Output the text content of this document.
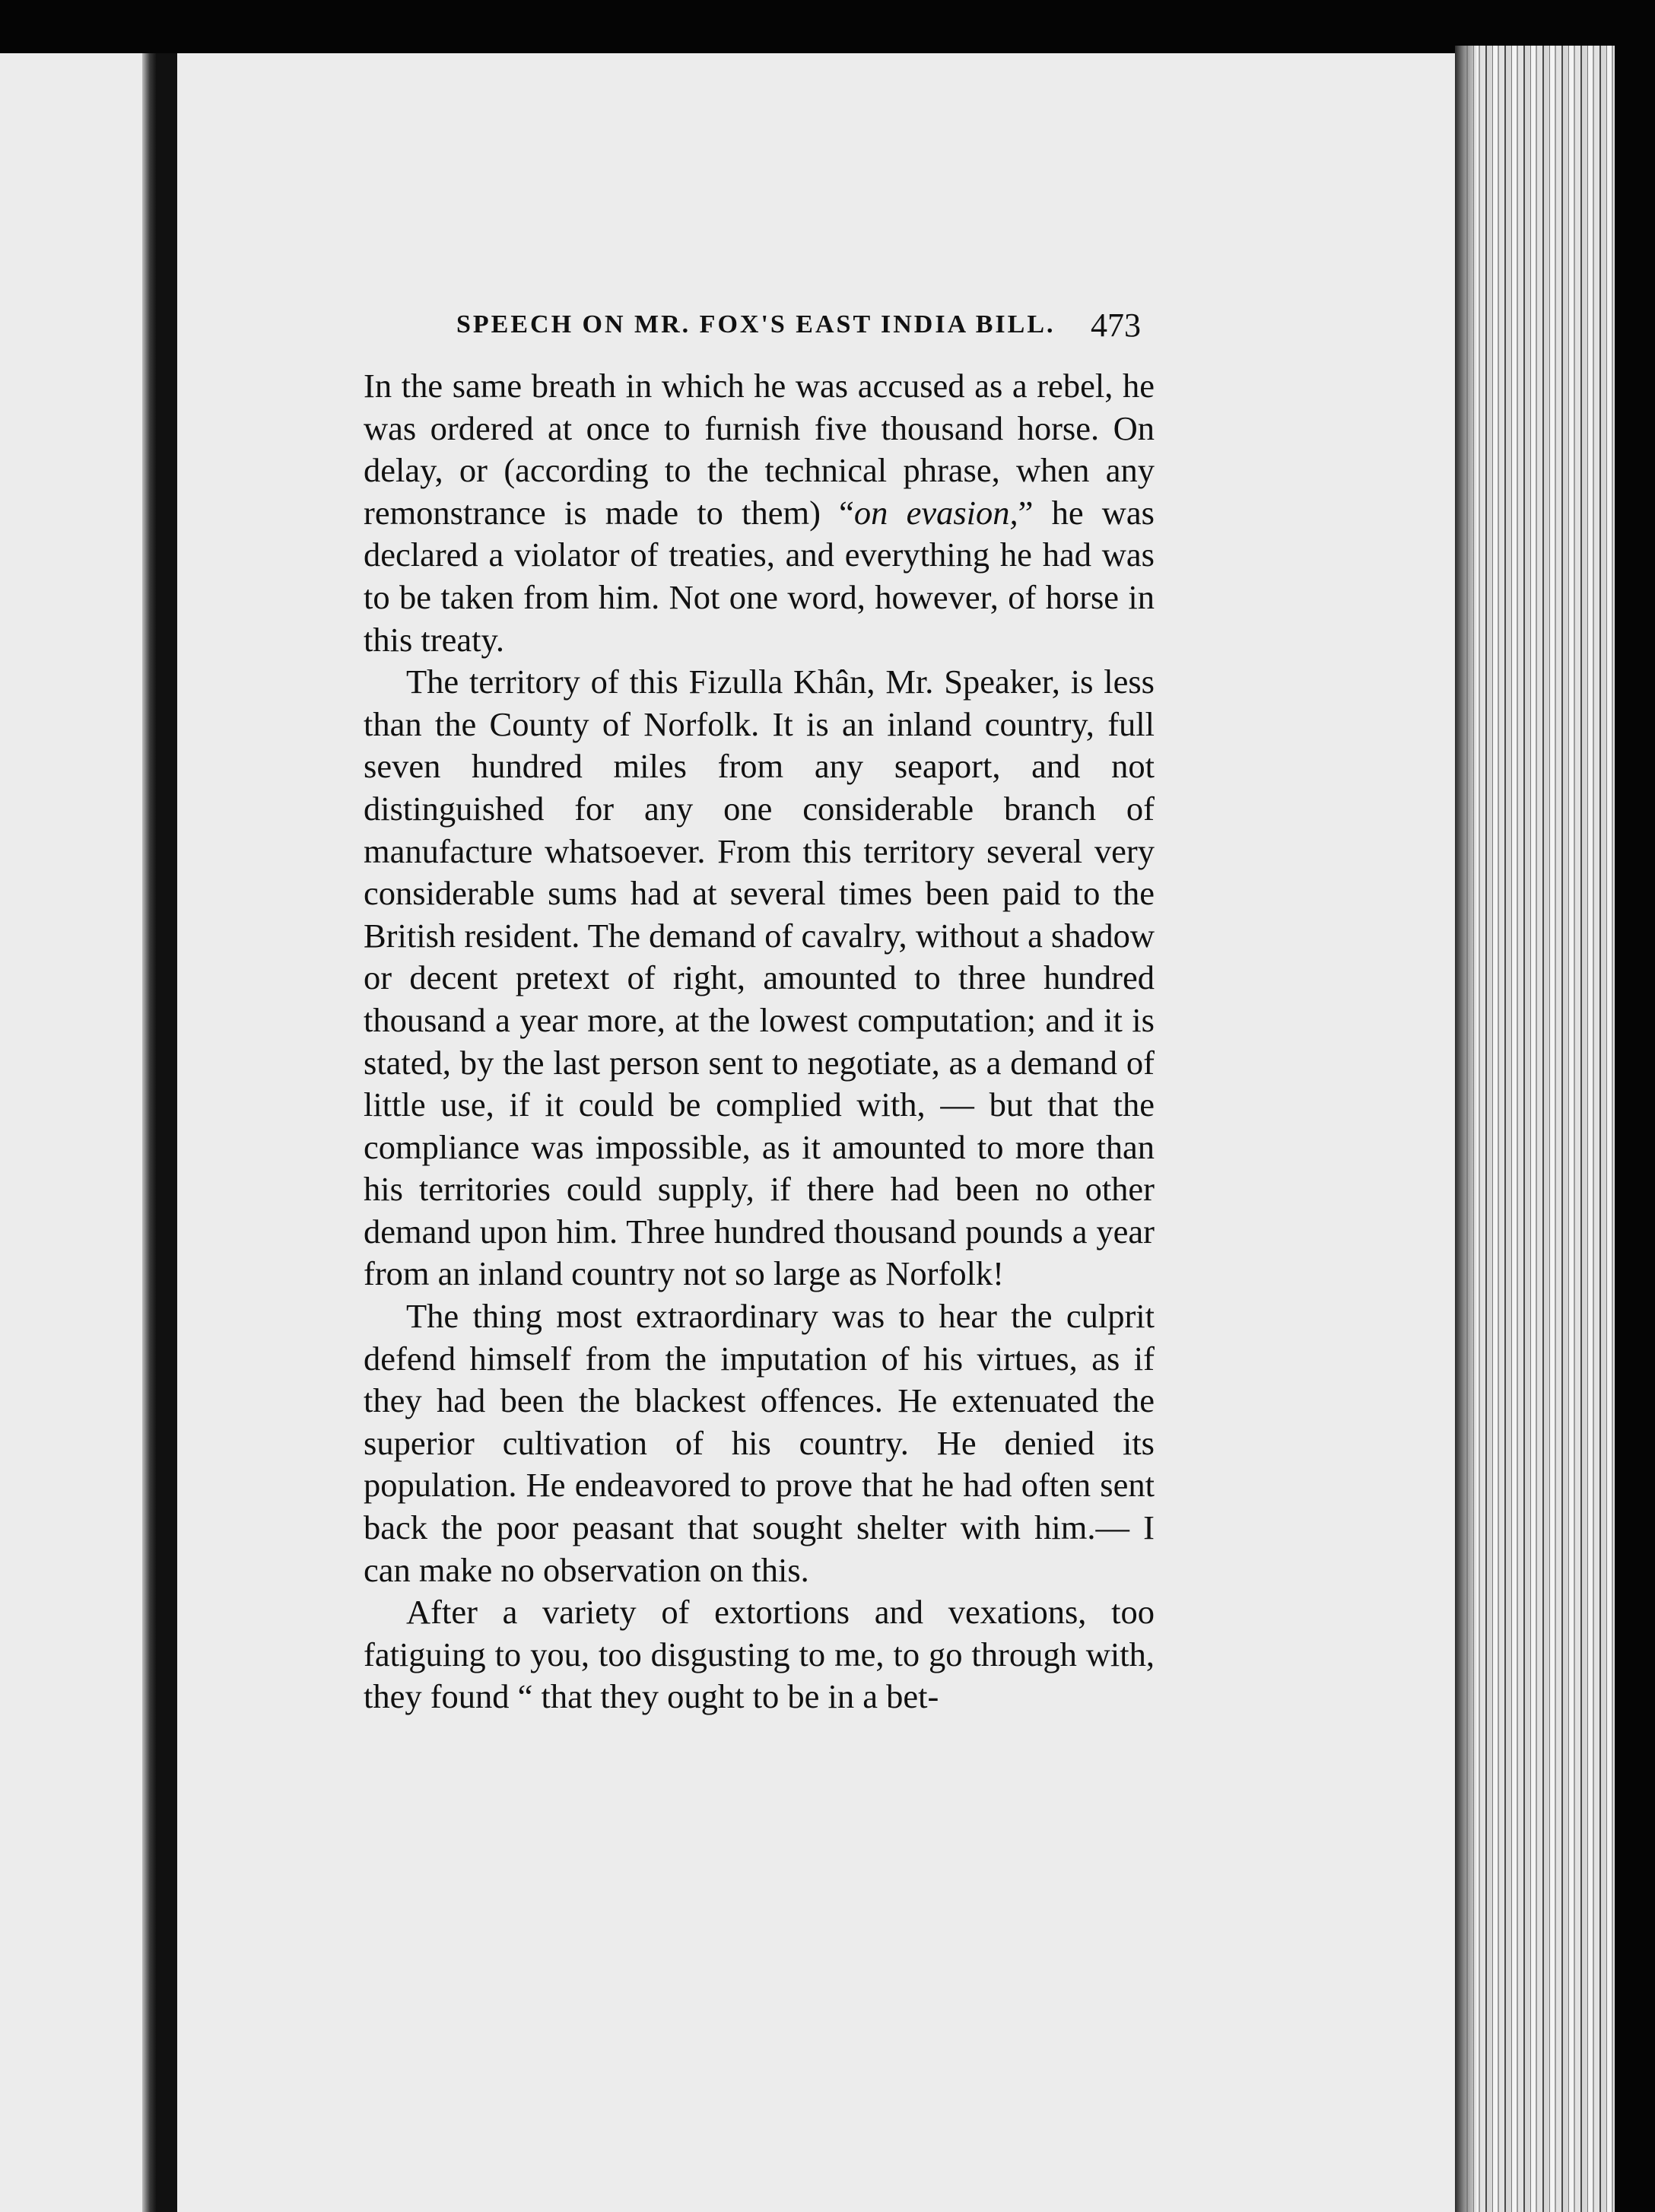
SPEECH ON MR. FOX'S EAST INDIA BILL. 473

In the same breath in which he was accused as a rebel, he was ordered at once to furnish five thousand horse. On delay, or (according to the technical phrase, when any remonstrance is made to them) “on evasion,” he was declared a violator of treaties, and everything he had was to be taken from him. Not one word, however, of horse in this treaty.

The territory of this Fizulla Khân, Mr. Speaker, is less than the County of Norfolk. It is an inland country, full seven hundred miles from any seaport, and not distinguished for any one considerable branch of manufacture whatsoever. From this territory several very considerable sums had at several times been paid to the British resident. The demand of cavalry, without a shadow or decent pretext of right, amounted to three hundred thousand a year more, at the lowest computation; and it is stated, by the last person sent to negotiate, as a demand of little use, if it could be complied with, — but that the compliance was impossible, as it amounted to more than his territories could supply, if there had been no other demand upon him. Three hundred thousand pounds a year from an inland country not so large as Norfolk!

The thing most extraordinary was to hear the culprit defend himself from the imputation of his virtues, as if they had been the blackest offences. He extenuated the superior cultivation of his country. He denied its population. He endeavored to prove that he had often sent back the poor peasant that sought shelter with him.— I can make no observation on this.

After a variety of extortions and vexations, too fatiguing to you, too disgusting to me, to go through with, they found “ that they ought to be in a bet-
